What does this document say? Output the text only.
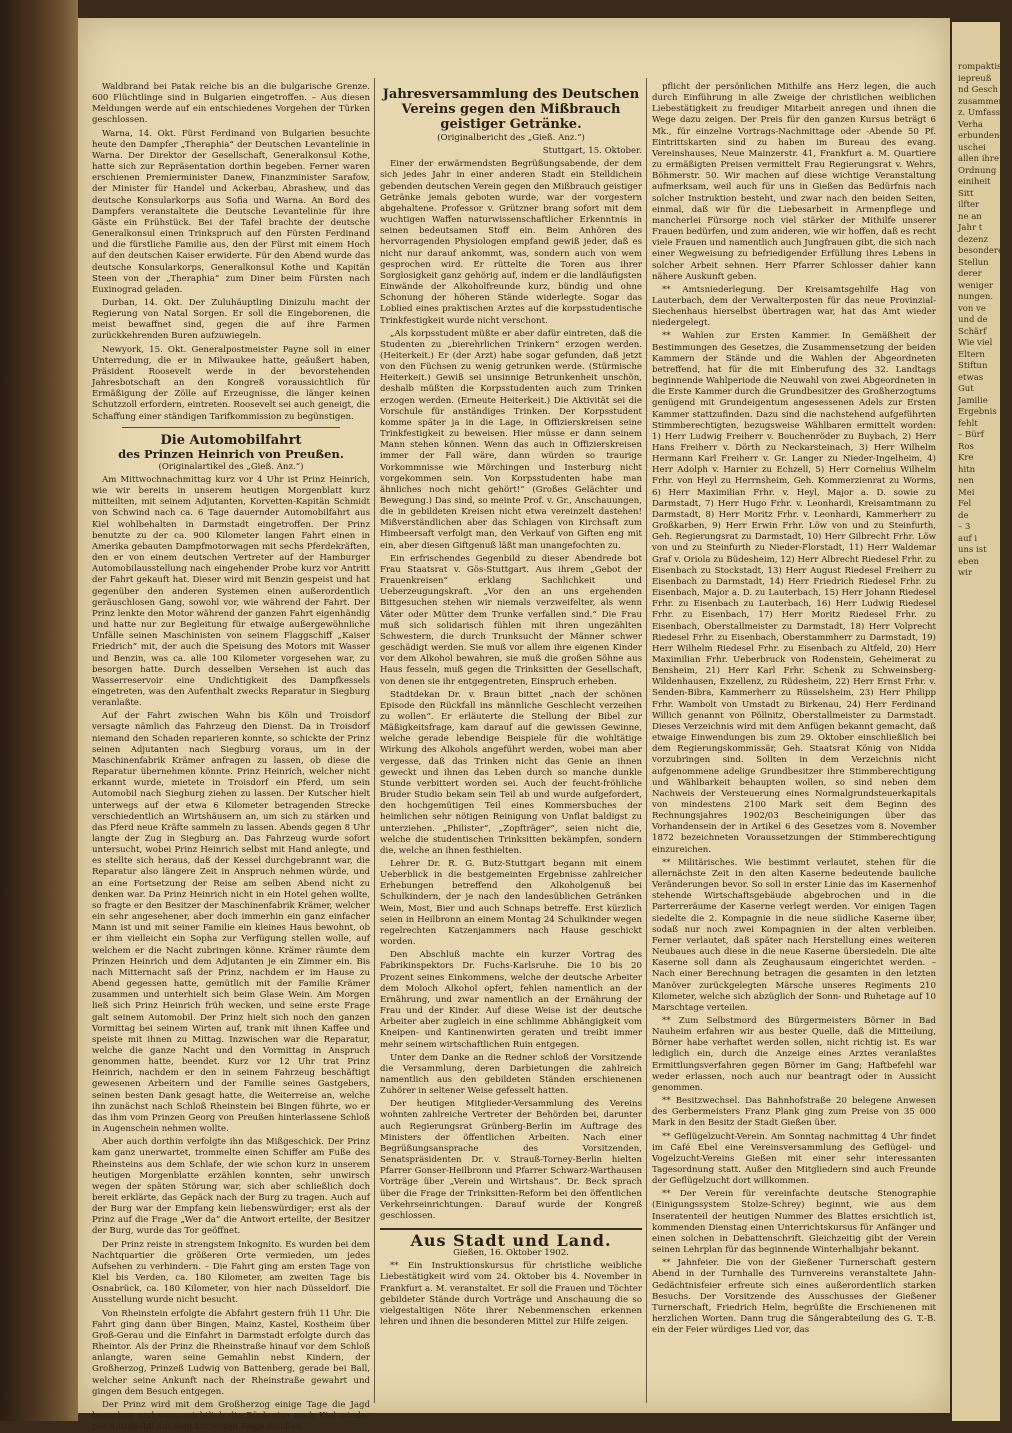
Waldbrand bei Patak reiche bis an die bulgarische Grenze. 600 Flüchtlinge sind in Bulgarien eingetroffen. – Aus diesen Meldungen werde auf ein entschiedenes Vorgehen der Türken geschlossen.

Warna, 14. Okt. Fürst Ferdinand von Bulgarien besuchte heute den Dampfer „Theraphia“ der Deutschen Levantelinie in Warna. Der Direktor der Gesellschaft, Generalkonsul Kothe, hatte sich zur Repräsentation dorthin begeben. Ferner waren erschienen Premierminister Danew, Finanzminister Sarafow, der Minister für Handel und Ackerbau, Abrashew, und das deutsche Konsularkorps aus Sofia und Warna. An Bord des Dampfers veranstaltete die Deutsche Levantelinie für ihre Gäste ein Frühstück. Bei der Tafel brachte der deutsche Generalkonsul einen Trinkspruch auf den Fürsten Ferdinand und die fürstliche Familie aus, den der Fürst mit einem Hoch auf den deutschen Kaiser erwiderte. Für den Abend wurde das deutsche Konsularkorps, Generalkonsul Kothe und Kapitän Steen von der „Theraphia“ zum Diner beim Fürsten nach Euxinograd geladen.

Durban, 14. Okt. Der Zuluhäuptling Dinizulu macht der Regierung von Natal Sorgen. Er soll die Eingeborenen, die meist bewaffnet sind, gegen die auf ihre Farmen zurückkehrenden Buren aufzuwiegeln.

Newyork, 15. Okt. Generalpostmeister Payne soll in einer Unterredung, die er in Milwaukee hatte, geäußert haben, Präsident Roosevelt werde in der bevorstehenden Jahresbotschaft an den Kongreß voraussichtlich für Ermäßigung der Zölle auf Erzeugnisse, die länger keinen Schutzzoll erfordern, eintreten. Roosevelt sei auch geneigt, die Schaffung einer ständigen Tarifkommission zu begünstigen.

Die Automobilfahrt
des Prinzen Heinrich von Preußen.
(Originalartikel des „Gieß. Anz.“)

Am Mittwochnachmittag kurz vor 4 Uhr ist Prinz Heinrich, wie wir bereits in unserem heutigen Morgenblatt kurz mitteilten, mit seinem Adjutanten, Korvetten-Kapitän Schmidt von Schwind nach ca. 6 Tage dauernder Automobilfahrt aus Kiel wohlbehalten in Darmstadt eingetroffen. Der Prinz benutzte zu der ca. 900 Kilometer langen Fahrt einen in Amerika gebauten Dampfmotorwagen mit sechs Pferdekräften, den er von einem deutschen Vertreter auf der Hamburger Automobilausstellung nach eingehender Probe kurz vor Antritt der Fahrt gekauft hat. Dieser wird mit Benzin gespeist und hat gegenüber den anderen Systemen einen außerordentlich geräuschlosen Gang, sowohl vor, wie während der Fahrt. Der Prinz lenkte den Motor während der ganzen Fahrt eigenhändig und hatte nur zur Begleitung für etwaige außergewöhnliche Unfälle seinen Maschinisten von seinem Flaggschiff „Kaiser Friedrich“ mit, der auch die Speisung des Motors mit Wasser und Benzin, was ca. alle 100 Kilometer vorgesehen war, zu besorgen hatte. Durch desselben Versehen ist auch das Wasserreservoir eine Undichtigkeit des Dampfkessels eingetreten, was den Aufenthalt zwecks Reparatur in Siegburg veranlaßte.

Auf der Fahrt zwischen Wahn bis Köln und Troisdorf versagte nämlich das Fahrzeug den Dienst. Da in Troisdorf niemand den Schaden reparieren konnte, so schickte der Prinz seinen Adjutanten nach Siegburg voraus, um in der Maschinenfabrik Krämer anfragen zu lassen, ob diese die Reparatur übernehmen könnte. Prinz Heinrich, welcher nicht erkannt wurde, mietete in Troisdorf ein Pferd, um sein Automobil nach Siegburg ziehen zu lassen. Der Kutscher hielt unterwegs auf der etwa 6 Kilometer betragenden Strecke verschiedentlich an Wirtshäusern an, um sich zu stärken und das Pferd neue Kräfte sammeln zu lassen. Abends gegen 8 Uhr langte der Zug in Siegburg an. Das Fahrzeug wurde sofort untersucht, wobei Prinz Heinrich selbst mit Hand anlegte, und es stellte sich heraus, daß der Kessel durchgebrannt war, die Reparatur also längere Zeit in Anspruch nehmen würde, und an eine Fortsetzung der Reise am selben Abend nicht zu denken war. Da Prinz Heinrich nicht in ein Hotel gehen wollte, so fragte er den Besitzer der Maschinenfabrik Krämer, welcher ein sehr angesehener, aber doch immerhin ein ganz einfacher Mann ist und mit seiner Familie ein kleines Haus bewohnt, ob er ihm vielleicht ein Sopha zur Verfügung stellen wolle, auf welchem er die Nacht zubringen könne. Krämer räumte dem Prinzen Heinrich und dem Adjutanten je ein Zimmer ein. Bis nach Mitternacht saß der Prinz, nachdem er im Hause zu Abend gegessen hatte, gemütlich mit der Familie Krämer zusammen und unterhielt sich beim Glase Wein. Am Morgen ließ sich Prinz Heinrich früh wecken, und seine erste Frage galt seinem Automobil. Der Prinz hielt sich noch den ganzen Vormittag bei seinem Wirten auf, trank mit ihnen Kaffee und speiste mit ihnen zu Mittag. Inzwischen war die Reparatur, welche die ganze Nacht und den Vormittag in Anspruch genommen hatte, beendet. Kurz vor 12 Uhr trat Prinz Heinrich, nachdem er den in seinem Fahrzeug beschäftigt gewesenen Arbeitern und der Familie seines Gastgebers, seinen besten Dank gesagt hatte, die Weiterreise an, welche ihn zunächst nach Schloß Rheinstein bei Bingen führte, wo er das ihm vom Prinzen Georg von Preußen hinterlassene Schloß in Augenschein nehmen wollte.

Aber auch dorthin verfolgte ihn das Mißgeschick. Der Prinz kam ganz unerwartet, trommelte einen Schiffer am Fuße des Rheinsteins aus dem Schlafe, der wie schon kurz in unserem heutigen Morgenblatte erzählen konnten, sehr unwirsch wegen der späten Störung war, sich aber schließlich doch bereit erklärte, das Gepäck nach der Burg zu tragen. Auch auf der Burg war der Empfang kein liebenswürdiger; erst als der Prinz auf die Frage „Wer da“ die Antwort erteilte, der Besitzer der Burg, wurde das Tor geöffnet.

Der Prinz reiste in strengstem Inkognito. Es wurden bei dem Nachtquartier die größeren Orte vermieden, um jedes Aufsehen zu verhindern. – Die Fahrt ging am ersten Tage von Kiel bis Verden, ca. 180 Kilometer, am zweiten Tage bis Osnabrück, ca. 180 Kilometer, von hier nach Düsseldorf. Die Ausstellung wurde nicht besucht.

Von Rheinstein erfolgte die Abfahrt gestern früh 11 Uhr. Die Fahrt ging dann über Bingen, Mainz, Kastel, Kostheim über Groß-Gerau und die Einfahrt in Darmstadt erfolgte durch das Rheintor. Als der Prinz die Rheinstraße hinauf vor dem Schloß anlangte, waren seine Gemahlin nebst Kindern, der Großherzog, Prinzeß Ludwig von Battenberg, gerade bei Ball, welcher seine Ankunft nach der Rheinstraße gewahrt und gingen dem Besuch entgegen.

Der Prinz wird mit dem Großherzog einige Tage die Jagd besuchen und voraussichtlich die Rückreise nach Kiel wieder per Automobil auf dem kürzesten Wege machen.

Jahresversammlung des Deutschen Vereins gegen den Mißbrauch geistiger Getränke.
(Originalbericht des „Gieß. Anz.“)
Stuttgart, 15. Oktober.

Einer der erwärmendsten Begrüßungsabende, der dem sich jedes Jahr in einer anderen Stadt ein Stelldichein gebenden deutschen Verein gegen den Mißbrauch geistiger Getränke jemals geboten wurde, war der vorgestern abgehaltene. Professor v. Grützner brang sofort mit dem wuchtigen Waffen naturwissenschaftlicher Erkenntnis in seinen bedeutsamen Stoff ein. Beim Anhören des hervorragenden Physiologen empfand gewiß jeder, daß es nicht nur darauf ankommt, was, sondern auch von wem gesprochen wird. Er rüttelte die Toren aus ihrer Sorglosigkeit ganz gehörig auf, indem er die landläufigsten Einwände der Alkoholfreunde kurz, bündig und ohne Schonung der höheren Stände widerlegte. Sogar das Loblied eines praktischen Arztes auf die korpsstudentische Trinkfestigkeit wurde nicht verschont.

„Als korpsstudent müßte er aber dafür eintreten, daß die Studenten zu „bierehrlichen Trinkern“ erzogen werden. (Heiterkeit.) Er (der Arzt) habe sogar gefunden, daß jetzt von den Füchsen zu wenig getrunken werde. (Stürmische Heiterkeit.) Gewiß sei unsinnige Betrunkenheit unschön, deshalb müßten die Korpsstudenten auch zum Trinken erzogen werden. (Erneute Heiterkeit.) Die Aktivität sei die Vorschule für anständiges Trinken. Der Korpsstudent komme später ja in die Lage, in Offizierskreisen seine Trinkfestigkeit zu beweisen. Hier müsse er dann seinem Mann stehen können. Wenn das auch in Offizierskreisen immer der Fall wäre, dann würden so traurige Vorkommnisse wie Mörchingen und Insterburg nicht vorgekommen sein. Von Korpsstudenten habe man ähnliches noch nicht gehört!“ (Großes Gelächter und Bewegung.) Das sind, so meinte Prof. v. Gr., Anschauungen, die in gebildeten Kreisen nicht etwa vereinzelt dastehen! Mißverständlichen aber das Schlagen von Kirchsaft zum Himbeersaft verfolgt man, den Verkauf von Giften eng mit ein, aber diesen Giftgenuß läßt man unangefochten zu.

Ein erfrischendes Gegenbild zu dieser Abendrede bot Frau Staatsrat v. Gös-Stuttgart. Aus ihrem „Gebot der Frauenkreisen“ erklang Sachlichkeit und Ueberzeugungskraft. „Vor den an uns ergehenden Bittgesuchen stehen wir niemals verzweifelter, als wenn Väter oder Mütter dem Trunke verfallen sind.“ Die Frau muß sich solidarisch fühlen mit ihren ungezählten Schwestern, die durch Trunksucht der Männer schwer geschädigt werden. Sie muß vor allem ihre eigenen Kinder vor dem Alkohol bewahren, sie muß die großen Söhne aus Haus fesseln, muß gegen die Trinksitten der Gesellschaft, von denen sie ihr entgegentreten, Einspruch erheben.

Stadtdekan Dr. v. Braun bittet „nach der schönen Episode den Rückfall ins männliche Geschlecht verzeihen zu wollen“. Er erläuterte die Stellung der Bibel zur Mäßigkeitsfrage, kam darauf auf die gewissen Gewinne, welche gerade lebendige Beispiele für die wohltätige Wirkung des Alkohols angeführt werden, wobei man aber vergesse, daß das Trinken nicht das Genie an ihnen geweckt und ihnen das Leben durch so manche dunkle Stunde verbittert worden sei. Auch der feucht-fröhliche Bruder Studio bekam sein Teil ab und wurde aufgefordert, den hochgemütigen Teil eines Kommersbuches der heimlichen sehr nötigen Reinigung von Unflat baldigst zu unterziehen. „Philister“, „Zopfträger“, seien nicht die, welche die studentischen Trinksitten bekämpfen, sondern die, welche an ihnen festhielten.

Lehrer Dr. R. G. Butz-Stuttgart begann mit einem Ueberblick in die bestgemeinten Ergebnisse zahlreicher Erhebungen betreffend den Alkoholgenuß bei Schulkindern, der je nach den landesüblichen Getränken Wein, Most, Bier und auch Schnaps betreffe. Erst kürzlich seien in Heilbronn an einem Montag 24 Schulkinder wegen regelrechten Katzenjammers nach Hause geschickt worden.

Den Abschluß machte ein kurzer Vortrag des Fabrikinspektors Dr. Fuchs-Karlsruhe. Die 10 bis 20 Prozent seines Einkommens, welche der deutsche Arbeiter dem Moloch Alkohol opfert, fehlen namentlich an der Ernährung, und zwar namentlich an der Ernährung der Frau und der Kinder. Auf diese Weise ist der deutsche Arbeiter aber zugleich in eine schlimme Abhängigkeit vom Kneipen- und Kantinenwirten geraten und treibt immer mehr seinem wirtschaftlichen Ruin entgegen.

Unter dem Danke an die Redner schloß der Vorsitzende die Versammlung, deren Darbietungen die zahlreich namentlich aus den gebildeten Ständen erschienenen Zuhörer in seltener Weise gefesselt hatten.

Der heutigen Mitglieder-Versammlung des Vereins wohnten zahlreiche Vertreter der Behörden bei, darunter auch Regierungsrat Grünberg-Berlin im Auftrage des Ministers der öffentlichen Arbeiten. Nach einer Begrüßungsansprache des Vorsitzenden, Senatspräsidenten Dr. v. Strauß-Torney-Berlin hielten Pfarrer Gonser-Heilbronn und Pfarrer Schwarz-Warthausen Vorträge über „Verein und Wirtshaus“. Dr. Beck sprach über die Frage der Trinksitten-Reform bei den öffentlichen Verkehrseinrichtungen. Darauf wurde der Kongreß geschlossen.

Aus Stadt und Land.
Gießen, 16. Oktober 1902.

** Ein Instruktionskursus für christliche weibliche Liebestätigkeit wird vom 24. Oktober bis 4. November in Frankfurt a. M. veranstaltet. Er soll die Frauen und Töchter gebildeter Stände durch Vorträge und Anschauung die so vielgestaltigen Nöte ihrer Nebenmenschen erkennen lehren und ihnen die besonderen Mittel zur Hilfe zeigen.

pflicht der persönlichen Mithilfe ans Herz legen, die auch durch Einführung in alle Zweige der christlichen weiblichen Liebestätigkeit zu freudiger Mitarbeit anregen und ihnen die Wege dazu zeigen. Der Preis für den ganzen Kursus beträgt 6 Mk., für einzelne Vortrags-Nachmittage oder -Abende 50 Pf. Eintrittskarten sind zu haben im Bureau des evang. Vereinshauses, Neue Mainzerstr. 41, Frankfurt a. M. Quartiere zu ermäßigten Preisen vermittelt Frau Regierungsrat v. Wehrs, Böhmerstr. 50. Wir machen auf diese wichtige Veranstaltung aufmerksam, weil auch für uns in Gießen das Bedürfnis nach solcher Instruktion besteht, und zwar nach den beiden Seiten, einmal, daß wir für die Liebesarbeit in Armenpflege und mancherlei Fürsorge noch viel stärker der Mithilfe unserer Frauen bedürfen, und zum anderen, wie wir hoffen, daß es recht viele Frauen und namentlich auch Jungfrauen gibt, die sich nach einer Wegweisung zu befriedigender Erfüllung ihres Lebens in solcher Arbeit sehnen. Herr Pfarrer Schlosser dahier kann nähere Auskunft geben.

** Amtsniederlegung. Der Kreisamtsgehilfe Hag von Lauterbach, dem der Verwalterposten für das neue Provinzial-Siechenhaus hierselbst übertragen war, hat das Amt wieder niedergelegt.

** Wahlen zur Ersten Kammer. In Gemäßheit der Bestimmungen des Gesetzes, die Zusammensetzung der beiden Kammern der Stände und die Wahlen der Abgeordneten betreffend, hat für die mit Einberufung des 32. Landtags beginnende Wahlperiode die Neuwahl von zwei Abgeordneten in die Erste Kammer durch die Grundbesitzer des Großherzogtums genügend mit Grundeigentum angesessenen Adels zur Ersten Kammer stattzufinden. Dazu sind die nachstehend aufgeführten Stimmberechtigten, bezugsweise Wählbaren ermittelt worden: 1) Herr Ludwig Freiherr v. Bouchenröder zu Buybach, 2) Herr Hans Freiherr v. Dörth zu Neckarsteinach, 3) Herr Wilhelm Hermann Karl Freiherr v. Gr. Langer zu Nieder-Ingelheim, 4) Herr Adolph v. Harnier zu Echzell, 5) Herr Cornelius Wilhelm Frhr. von Heyl zu Herrnsheim, Geh. Kommerzienrat zu Worms, 6) Herr Maximilian Frhr. v. Heyl, Major a. D. sowie zu Darmstadt, 7) Herr Hugo Frhr. v. Leonhardi, Kreisamtmann zu Darmstadt, 8) Herr Moritz Frhr. v. Leonhardi, Kammerherr zu Großkarben, 9) Herr Erwin Frhr. Löw von und zu Steinfurth, Geh. Regierungsrat zu Darmstadt, 10) Herr Gilbrecht Frhr. Löw von und zu Steinfurth zu Nieder-Florstadt, 11) Herr Waldemar Graf v. Oriola zu Büdesheim, 12) Herr Albrecht Riedesel Frhr. zu Eisenbach zu Stockstadt, 13) Herr August Riedesel Freiherr zu Eisenbach zu Darmstadt, 14) Herr Friedrich Riedesel Frhr. zu Eisenbach, Major a. D. zu Lauterbach, 15) Herr Johann Riedesel Frhr. zu Eisenbach zu Lauterbach, 16) Herr Ludwig Riedesel Frhr. zu Eisenbach, 17) Herr Moritz Riedesel Frhr. zu Eisenbach, Oberstallmeister zu Darmstadt, 18) Herr Volprecht Riedesel Frhr. zu Eisenbach, Oberstammherr zu Darmstadt, 19) Herr Wilhelm Riedesel Frhr. zu Eisenbach zu Altfeld, 20) Herr Maximilian Frhr. Ueberbruck von Rodenstein, Geheimerat zu Bensheim, 21) Herr Karl Frhr. Schenk zu Schweinsberg-Wildenhausen, Exzellenz, zu Rüdesheim, 22) Herr Ernst Frhr. v. Senden-Bibra, Kammerherr zu Rüsselsheim, 23) Herr Philipp Frhr. Wambolt von Umstadt zu Birkenau, 24) Herr Ferdinand Willich genannt von Pöllnitz, Oberstallmeister zu Darmstadt. Dieses Verzeichnis wird mit dem Anfügen bekannt gemacht, daß etwaige Einwendungen bis zum 29. Oktober einschließlich bei dem Regierungskommissär, Geh. Staatsrat König von Nidda vorzubringen sind. Sollten in dem Verzeichnis nicht aufgenommene adelige Grundbesitzer ihre Stimmberechtigung und Wählbarkeit behaupten wollen, so sind neben dem Nachweis der Versteuerung eines Normalgrundsteuerkapitals von mindestens 2100 Mark seit dem Beginn des Rechnungsjahres 1902/03 Bescheinigungen über das Vorhandensein der in Artikel 6 des Gesetzes vom 8. November 1872 bezeichneten Voraussetzungen der Stimmberechtigung einzureichen.

** Militärisches. Wie bestimmt verlautet, stehen für die allernächste Zeit in den alten Kaserne bedeutende bauliche Veränderungen bevor. So soll in erster Linie das im Kasernenhof stehende Wirtschaftsgebäude abgebrochen und in die Parterreräume der Kaserne verlegt werden. Vor einigen Tagen siedelte die 2. Kompagnie in die neue südliche Kaserne über, sodaß nur noch zwei Kompagnien in der alten verbleiben. Ferner verlautet, daß später nach Herstellung eines weiteren Neubaues auch diese in die neue Kaserne übersiedeln. Die alte Kaserne soll dann als Zeughausaum eingerichtet werden. – Nach einer Berechnung betragen die gesamten in den letzten Manöver zurückgelegten Märsche unseres Regiments 210 Kilometer, welche sich abzüglich der Sonn- und Ruhetage auf 10 Marschtage verteilen.

** Zum Selbstmord des Bürgermeisters Börner in Bad Nauheim erfahren wir aus bester Quelle, daß die Mitteilung, Börner habe verhaftet werden sollen, nicht richtig ist. Es war lediglich ein, durch die Anzeige eines Arztes veranlaßtes Ermittlungsverfahren gegen Börner im Gang; Haftbefehl war weder erlassen, noch auch nur beantragt oder in Aussicht genommen.

** Besitzwechsel. Das Bahnhofstraße 20 belegene Anwesen des Gerbermeisters Franz Plank ging zum Preise von 35 000 Mark in den Besitz der Stadt Gießen über.

** Geflügelzucht-Verein. Am Sonntag nachmittag 4 Uhr findet im Café Ebel eine Vereinsversammlung des Geflügel- und Vogelzucht-Vereins Gießen mit einer sehr interessanten Tagesordnung statt. Außer den Mitgliedern sind auch Freunde der Geflügelzucht dort willkommen.

** Der Verein für vereinfachte deutsche Stenographie (Einigungssystem Stolze-Schrey) beginnt, wie aus dem Inseratenteil der heutigen Nummer des Blattes ersichtlich ist, kommenden Dienstag einen Unterrichtskursus für Anfänger und einen solchen in Debattenschrift. Gleichzeitig gibt der Verein seinen Lehrplan für das beginnende Winterhalbjahr bekannt.

** Jahnfeier. Die von der Gießener Turnerschaft gestern Abend in der Turnhalle des Turnvereins veranstaltete Jahn-Gedächtnisfeier erfreute sich eines außerordentlich starken Besuchs. Der Vorsitzende des Ausschusses der Gießener Turnerschaft, Friedrich Helm, begrüßte die Erschienenen mit herzlichen Worten. Dann trug die Sängerabteilung des G. T.-B. ein der Feier würdiges Lied vor, das

rompaktisch
iepreuß
nd Gesch
zusammen
z. Umfassa
Verha
erbundene
uschei
allen ihre
Ordnung
einiheit
Sitt
ilfter
ne an
Jahr t
dezenz
besondere
Stellun
derer
weniger
nungen.
von ve
und de
Schärf
Wie viel
Eltern
Stiftun
etwas
Gut
Jamilie
Ergebnis
fehlt
– Bürf
Ros
Kre
hitn
nen
Mei
Fel
de
– 3
auf i
uns ist
eben
wir
